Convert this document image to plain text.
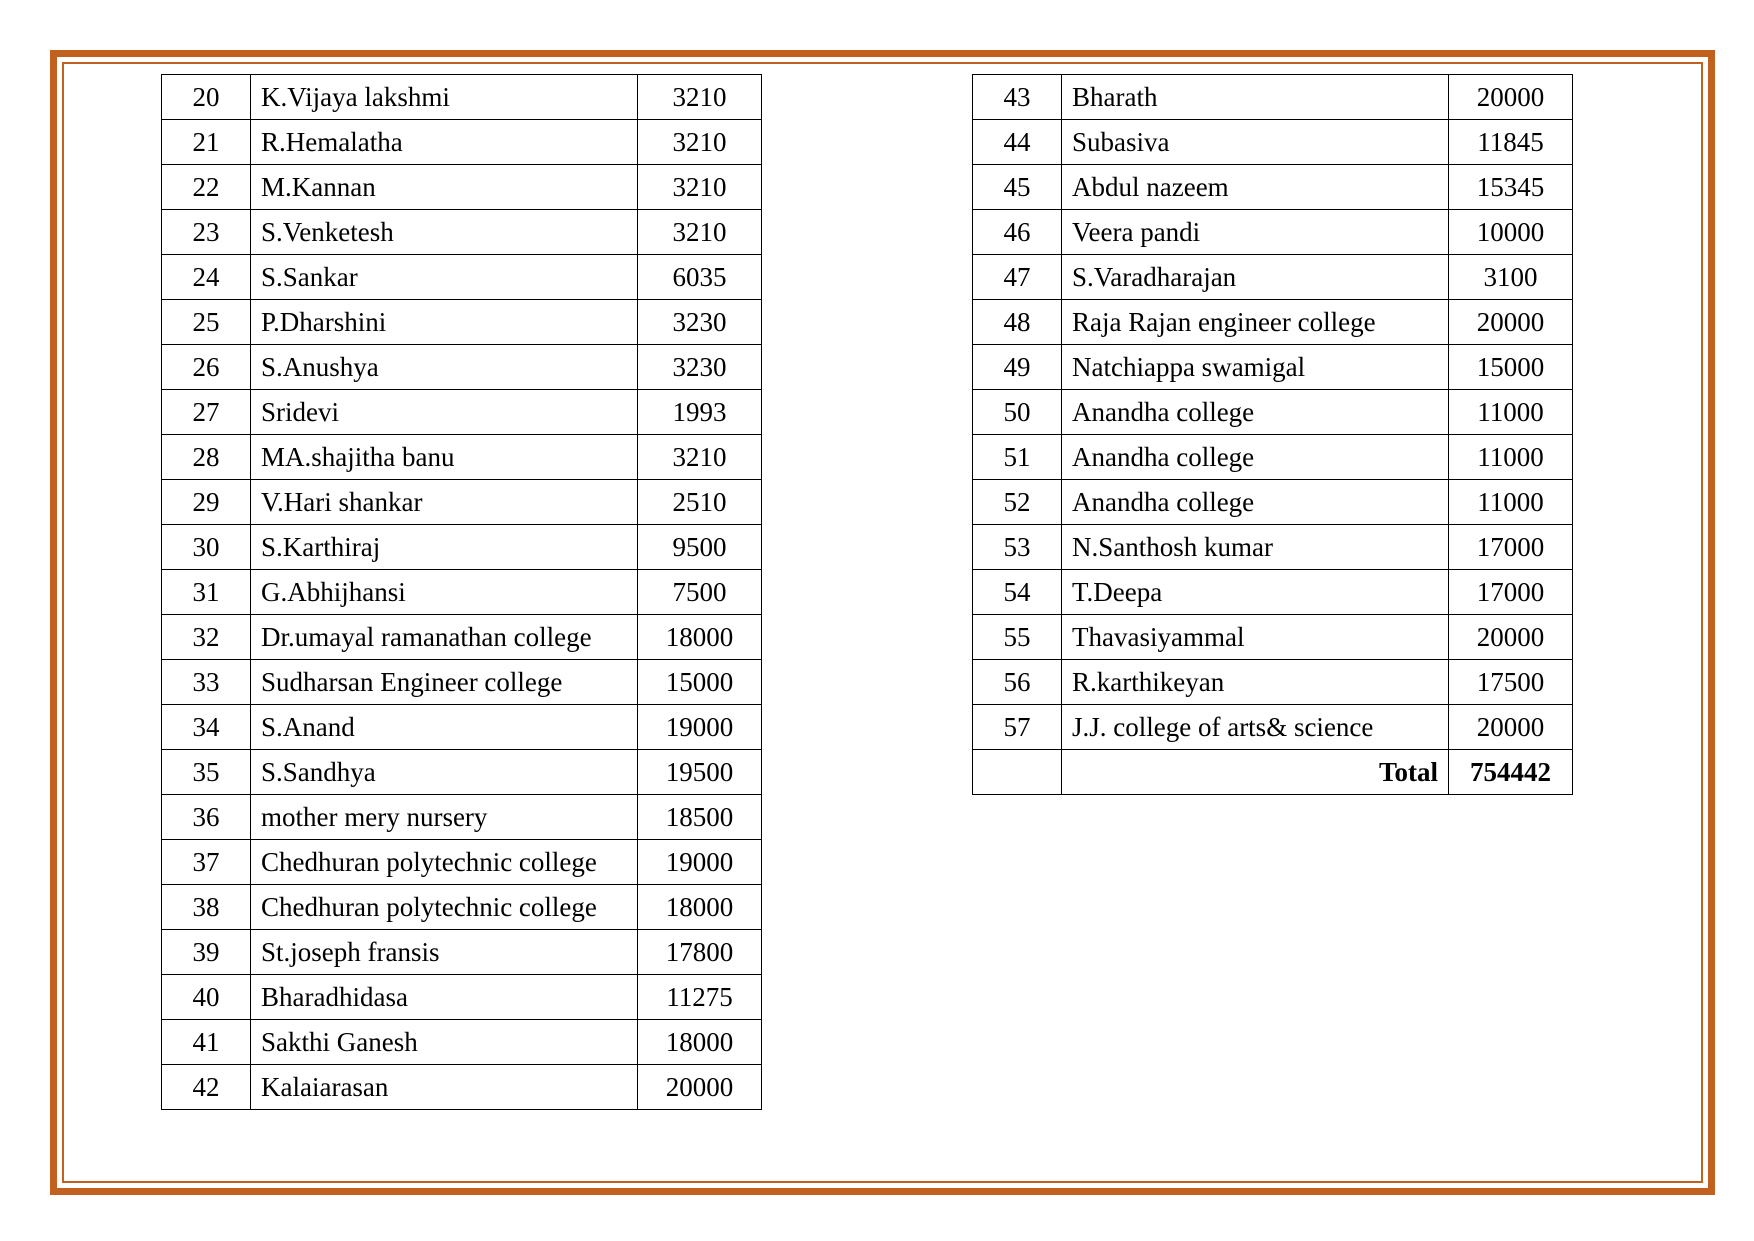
20	K.Vijaya lakshmi	3210
21	R.Hemalatha	3210
22	M.Kannan	3210
23	S.Venketesh	3210
24	S.Sankar	6035
25	P.Dharshini	3230
26	S.Anushya	3230
27	Sridevi	1993
28	MA.shajitha banu	3210
29	V.Hari shankar	2510
30	S.Karthiraj	9500
31	G.Abhijhansi	7500
32	Dr.umayal ramanathan college	18000
33	Sudharsan Engineer college	15000
34	S.Anand	19000
35	S.Sandhya	19500
36	mother mery nursery	18500
37	Chedhuran polytechnic college	19000
38	Chedhuran polytechnic college	18000
39	St.joseph fransis	17800
40	Bharadhidasa	11275
41	Sakthi Ganesh	18000
42	Kalaiarasan	20000
43	Bharath	20000
44	Subasiva	11845
45	Abdul nazeem	15345
46	Veera pandi	10000
47	S.Varadharajan	3100
48	Raja Rajan engineer college	20000
49	Natchiappa swamigal	15000
50	Anandha college	11000
51	Anandha college	11000
52	Anandha college	11000
53	N.Santhosh kumar	17000
54	T.Deepa	17000
55	Thavasiyammal	20000
56	R.karthikeyan	17500
57	J.J. college of arts& science	20000
	Total	754442
